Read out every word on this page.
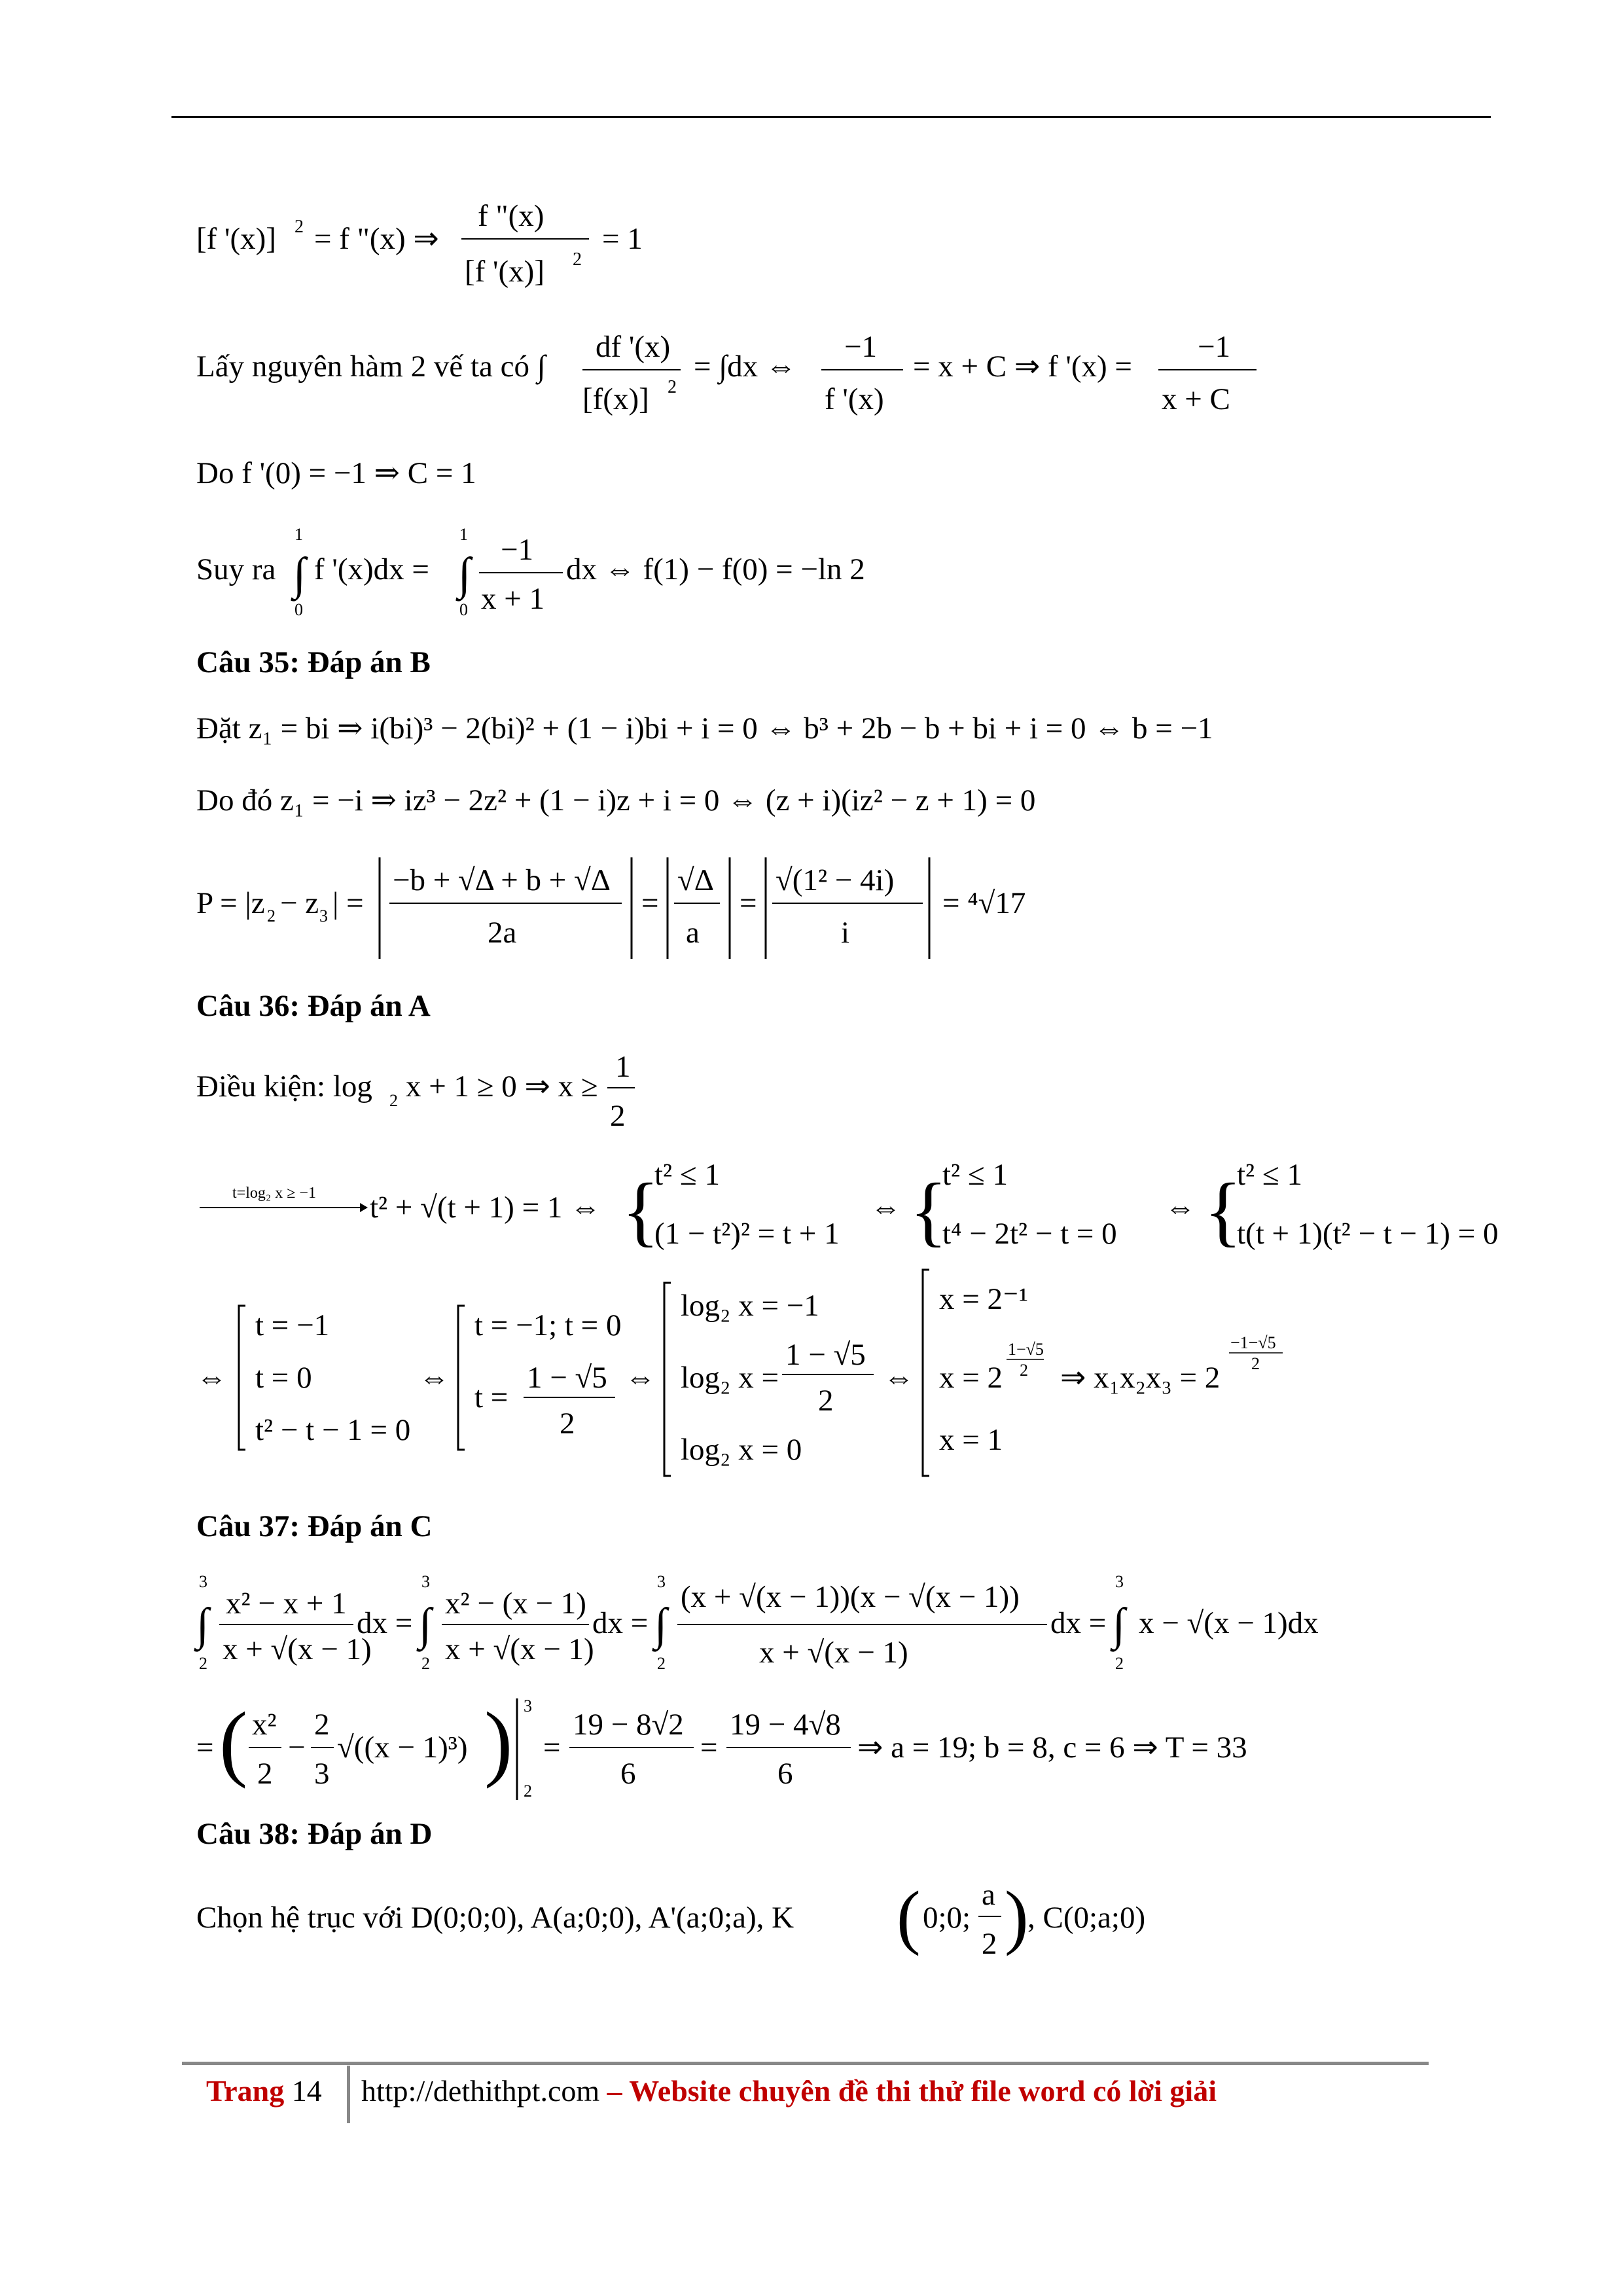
[f '(x)] 2 = f "(x) ⇒
f "(x)
[f '(x)] 2
= 1
Lấy nguyên hàm 2 vế ta có ∫
df '(x)
[f(x)] 2
= ∫dx ⇔
−1
f '(x)
= x + C ⇒ f '(x) =
−1
x + C
Do f '(0) = −1 ⇒ C = 1
Suy ra ∫
1
0
f '(x)dx = ∫
1
0
−1
x + 1
dx ⇔ f(1) − f(0) = −ln 2
Câu 35: Đáp án B
Đặt z₁ = bi ⇒ i(bi)³ − 2(bi)² + (1 − i)bi + i = 0 ⇔ b³ + 2b − b + bi + i = 0 ⇔ b = −1
Do đó z₁ = −i ⇒ iz³ − 2z² + (1 − i)z + i = 0 ⇔ (z + i)(iz² − z + 1) = 0
P = |z 2 − z 3 | =
−b + √Δ + b + √Δ
2a
=
√Δ
a
=
√(1² − 4i)
i
= ⁴√17
Câu 36: Đáp án A
Điều kiện: log 2 x + 1 ≥ 0 ⇒ x ≥
1
2
t=log₂ x ≥ −1 t² + √(t + 1) = 1 ⇔ {
t² ≤ 1
(1 − t²)² = t + 1
⇔ {
t² ≤ 1
t⁴ − 2t² − t = 0
⇔ {
t² ≤ 1
t(t + 1)(t² − t − 1) = 0
⇔
t = −1
t = 0
t² − t − 1 = 0
⇔
t = −1; t = 0
t =
1 − √5
2
⇔
log₂ x = −1
log₂ x =
1 − √5
2
log₂ x = 0
⇔
x = 2⁻¹
x = 2
1−√5
2
x = 1
⇒ x₁x₂x₃ = 2
−1−√5
2
Câu 37: Đáp án C
∫
3
2
x² − x + 1
x + √(x − 1)
dx = ∫
3
2
x² − (x − 1)
x + √(x − 1)
dx = ∫
3
2
(x + √(x − 1))(x − √(x − 1))
x + √(x − 1)
dx = ∫
3
2
x − √(x − 1)dx
= ( x²
2
−
2
3
√((x − 1)³) ) 3
2
=
19 − 8√2
6
=
19 − 4√8
6
⇒ a = 19; b = 8, c = 6 ⇒ T = 33
Câu 38: Đáp án D
Chọn hệ trục với D(0;0;0), A(a;0;0), A'(a;0;a), K ( 0;0;
a
2 )
, C(0;a;0)
Trang 14 http://dethithpt.com – Website chuyên đề thi thử file word có lời giải
